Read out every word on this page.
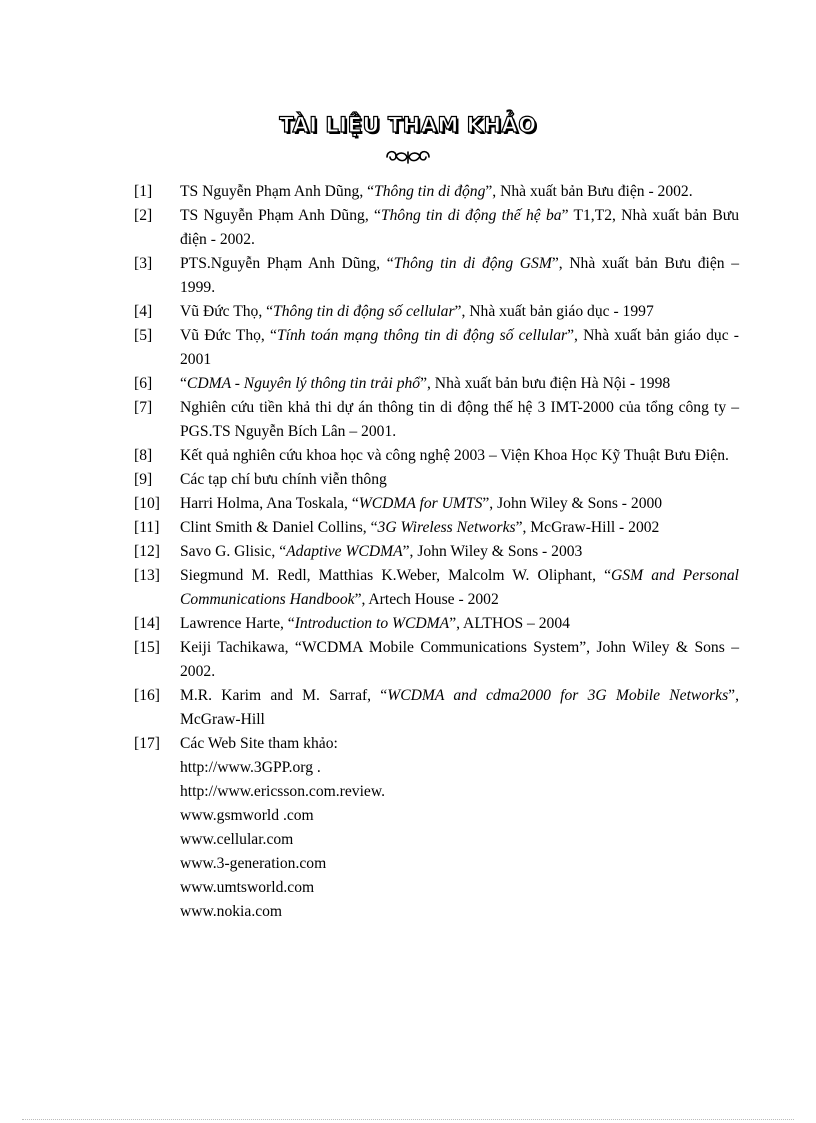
TÀI LIỆU THAM KHẢO
[1]	TS Nguyễn Phạm Anh Dũng, “Thông tin di động”, Nhà xuất bản Bưu điện - 2002.
[2]	TS Nguyễn Phạm Anh Dũng, “Thông tin di động thế hệ ba” T1,T2, Nhà xuất bản Bưu điện - 2002.
[3]	PTS.Nguyễn Phạm Anh Dũng, “Thông tin di động GSM”, Nhà xuất bản Bưu điện – 1999.
[4]	Vũ Đức Thọ, “Thông tin di động số cellular”, Nhà xuất bản giáo dục - 1997
[5]	Vũ Đức Thọ, “Tính toán mạng thông tin di động số cellular”, Nhà xuất bản giáo dục - 2001
[6]	“CDMA - Nguyên lý thông tin trải phổ”, Nhà xuất bản bưu điện Hà Nội - 1998
[7]	Nghiên cứu tiền khả thi dự án thông tin di động thế hệ 3 IMT-2000 của tổng công ty – PGS.TS Nguyễn Bích Lân – 2001.
[8]	Kết quả nghiên cứu khoa học và công nghệ 2003 – Viện Khoa Học Kỹ Thuật Bưu Điện.
[9]	Các tạp chí bưu chính viễn thông
[10]	Harri Holma, Ana Toskala, “WCDMA for UMTS”, John Wiley & Sons - 2000
[11]	Clint Smith & Daniel Collins, “3G Wireless Networks”, McGraw-Hill - 2002
[12]	Savo G. Glisic, “Adaptive WCDMA”, John Wiley & Sons - 2003
[13]	Siegmund M. Redl, Matthias K.Weber, Malcolm W. Oliphant, “GSM and Personal Communications Handbook”, Artech House - 2002
[14]	Lawrence Harte, “Introduction to WCDMA”, ALTHOS – 2004
[15]	Keiji Tachikawa, “WCDMA Mobile Communications System”, John Wiley & Sons – 2002.
[16]	M.R. Karim and M. Sarraf, “WCDMA and cdma2000 for 3G Mobile Networks”, McGraw-Hill
[17]	Các Web Site tham khảo:
http://www.3GPP.org .
http://www.ericsson.com.review.
www.gsmworld .com
www.cellular.com
www.3-generation.com
www.umtsworld.com
www.nokia.com
